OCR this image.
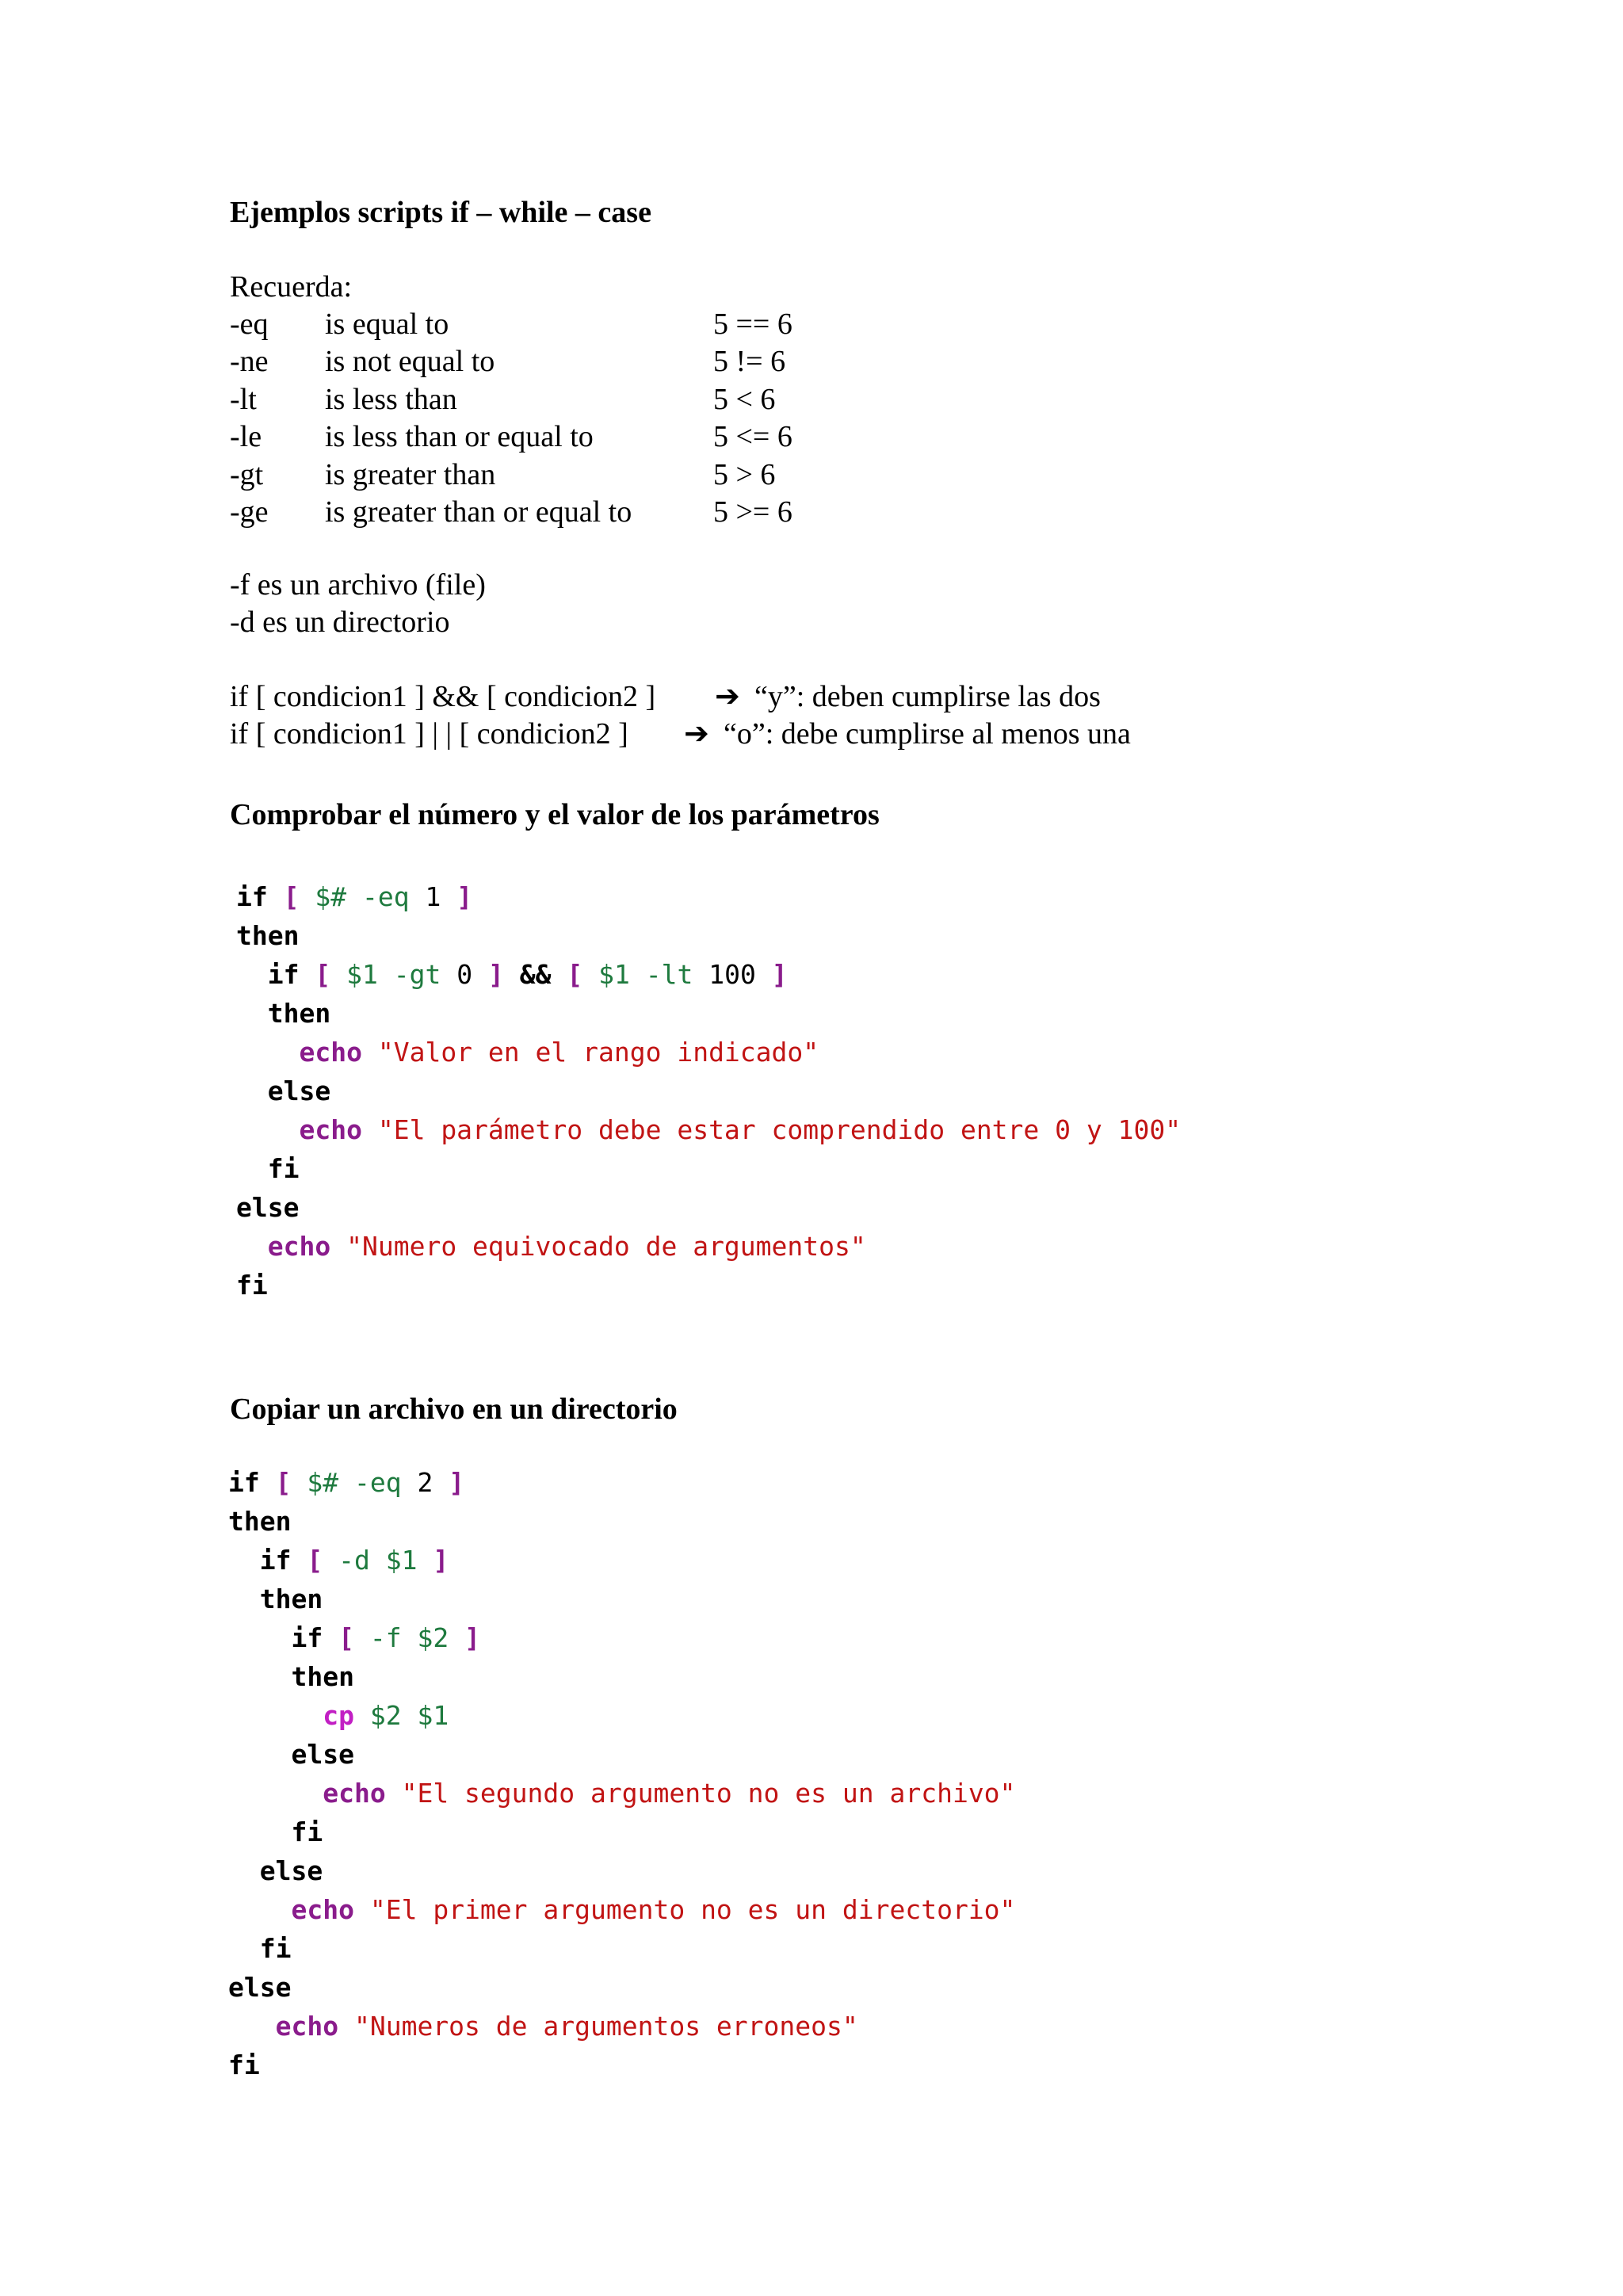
Ejemplos scripts if – while – case
Recuerda:
-eq is equal to	5 == 6
-ne is not equal to	5 != 6
-lt is less than	5 < 6
-le is less than or equal to	5 <= 6
-gt is greater than	5 > 6
-ge is greater than or equal to	5 >= 6
-f es un archivo (file)
-d es un directorio
if [ condicion1 ] && [ condicion2 ] ➔ “y”: deben cumplirse las dos
if [ condicion1 ] | | [ condicion2 ] ➔ “o”: debe cumplirse al menos una
Comprobar el número y el valor de los parámetros
if [ $# -eq 1 ]
then
if [ $1 -gt 0 ] && [ $1 -lt 100 ]
then
echo "Valor en el rango indicado"
else
echo "El parámetro debe estar comprendido entre 0 y 100"
fi
else
echo "Numero equivocado de argumentos"
fi
Copiar un archivo en un directorio
if [ $# -eq 2 ]
then
if [ -d $1 ]
then
if [ -f $2 ]
then
cp $2 $1
else
echo "El segundo argumento no es un archivo"
fi
else
echo "El primer argumento no es un directorio"
fi
else
echo "Numeros de argumentos erroneos"
fi
